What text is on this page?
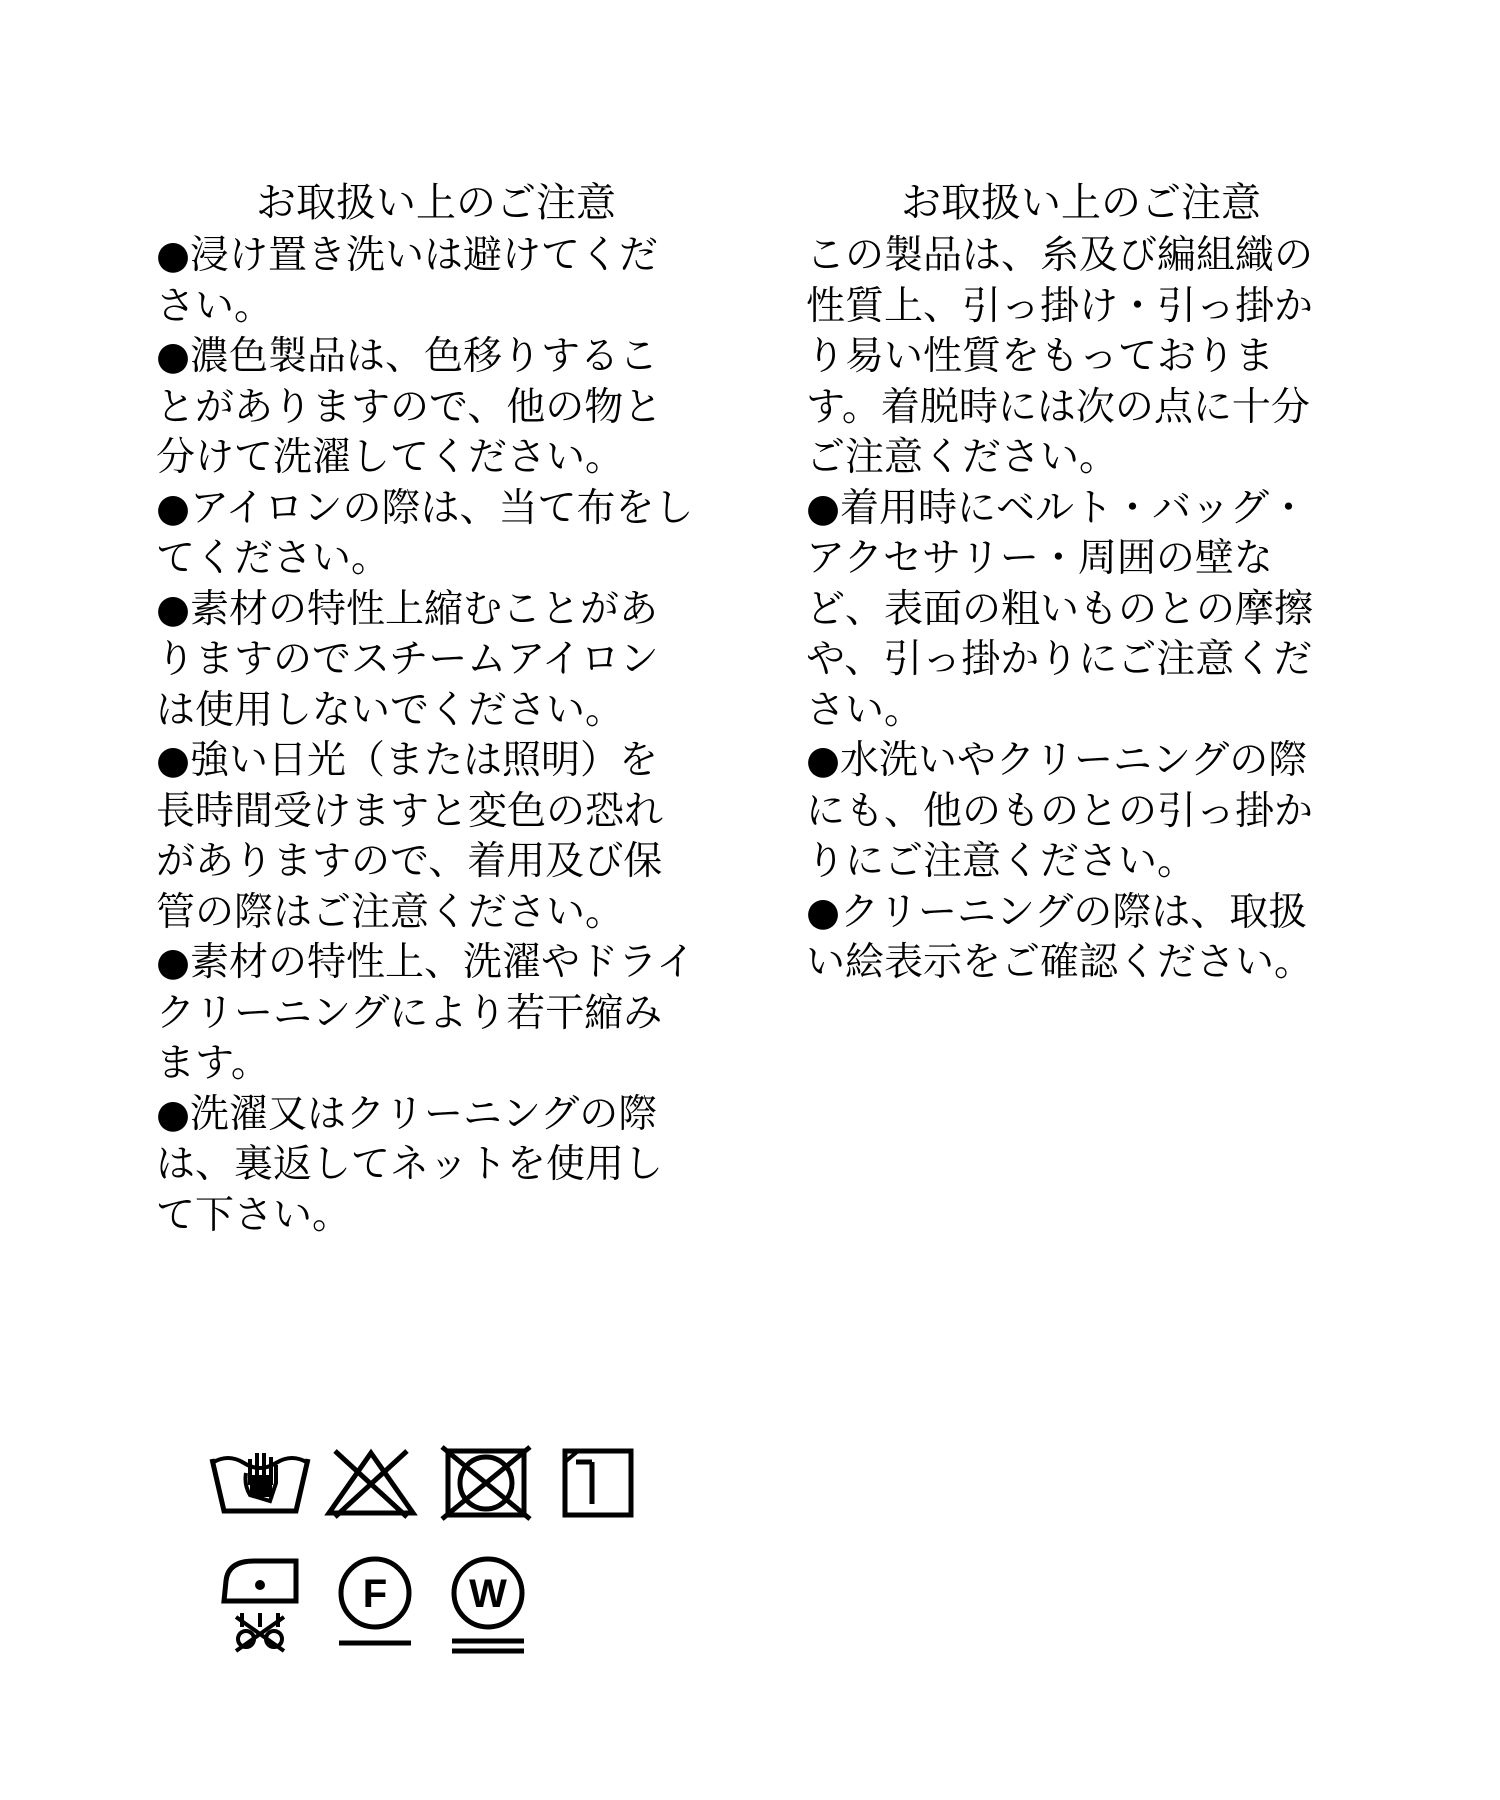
お取扱い上のご注意
●浸け置き洗いは避けてください。
●濃色製品は、色移りすることがありますので、他の物と分けて洗濯してください。
●アイロンの際は、当て布をしてください。
●素材の特性上縮むことがありますのでスチームアイロンは使用しないでください。
●強い日光（または照明）を長時間受けますと変色の恐れがありますので、着用及び保管の際はご注意ください。
●素材の特性上、洗濯やドライクリーニングにより若干縮みます。
●洗濯又はクリーニングの際は、裏返してネットを使用して下さい。
お取扱い上のご注意

この製品は、糸及び編組織の性質上、引っ掛け・引っ掛かり易い性質をもっております。着脱時には次の点に十分ご注意ください。

●着用時にベルト・バッグ・アクセサリー・周囲の壁など、表面の粗いものとの摩擦や、引っ掛かりにご注意ください。
●水洗いやクリーニングの際にも、他のものとの引っ掛かりにご注意ください。
●クリーニングの際は、取扱い絵表示をご確認ください。
F W
